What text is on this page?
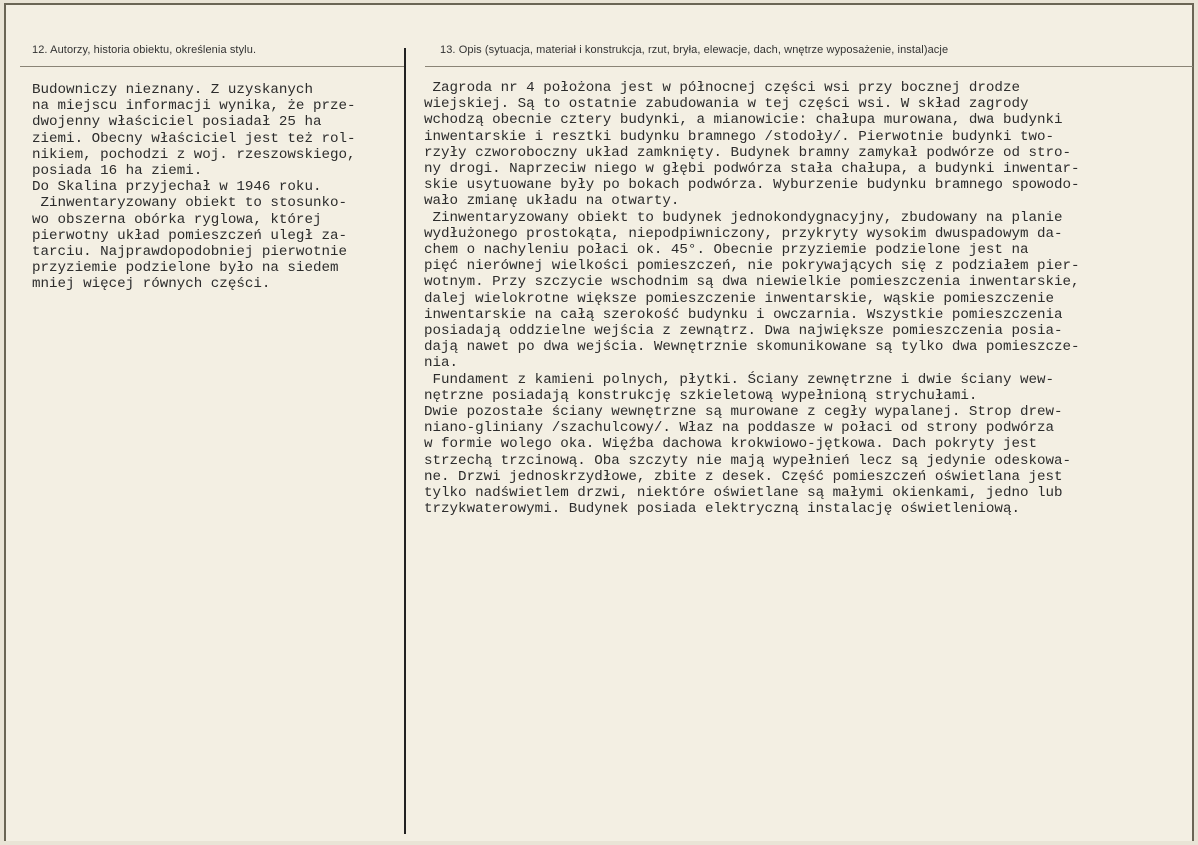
12. Autorzy, historia obiektu, określenia stylu.	13. Opis (sytuacja, materiał i konstrukcja, rzut, bryła, elewacje, dach, wnętrze wyposażenie, instal)acje
Budowniczy nieznany. Z uzyskanych
na miejscu informacji wynika, że prze-
dwojenny właściciel posiadał 25 ha
ziemi. Obecny właściciel jest też rol-
nikiem, pochodzi z woj. rzeszowskiego,
posiada 16 ha ziemi.
Do Skalina przyjechał w 1946 roku.
Zinwentaryzowany obiekt to stosunko-
wo obszerna obórka ryglowa, której
pierwotny układ pomieszczeń uległ za-
tarciu. Najprawdopodobniej pierwotnie
przyziemie podzielone było na siedem
mniej więcej równych części.
Zagroda nr 4 położona jest w północnej części wsi przy bocznej drodze
wiejskiej. Są to ostatnie zabudowania w tej części wsi. W skład zagrody
wchodzą obecnie cztery budynki, a mianowicie: chałupa murowana, dwa budynki
inwentarskie i resztki budynku bramnego /stodoły/. Pierwotnie budynki two-
rzyły czworoboczny układ zamknięty. Budynek bramny zamykał podwórze od stro-
ny drogi. Naprzeciw niego w głębi podwórza stała chałupa, a budynki inwentar-
skie usytuowane były po bokach podwórza. Wyburzenie budynku bramnego spowodo-
wało zmianę układu na otwarty.
Zinwentaryzowany obiekt to budynek jednokondygnacyjny, zbudowany na planie
wydłużonego prostokąta, niepodpiwniczony, przykryty wysokim dwuspadowym da-
chem o nachyleniu połaci ok. 45°. Obecnie przyziemie podzielone jest na
pięć nierównej wielkości pomieszczeń, nie pokrywających się z podziałem pier-
wotnym. Przy szczycie wschodnim są dwa niewielkie pomieszczenia inwentarskie,
dalej wielokrotne większe pomieszczenie inwentarskie, wąskie pomieszczenie
inwentarskie na całą szerokość budynku i owczarnia. Wszystkie pomieszczenia
posiadają oddzielne wejścia z zewnątrz. Dwa największe pomieszczenia posia-
dają nawet po dwa wejścia. Wewnętrznie skomunikowane są tylko dwa pomieszcze-
nia.
Fundament z kamieni polnych, płytki. Ściany zewnętrzne i dwie ściany wew-
nętrzne posiadają konstrukcję szkieletową wypełnioną strychułami.
Dwie pozostałe ściany wewnętrzne są murowane z cegły wypalanej. Strop drew-
niano-gliniany /szachulcowy/. Właz na poddasze w połaci od strony podwórza
w formie wolego oka. Więźba dachowa krokwiowo-jętkowa. Dach pokryty jest
strzechą trzcinową. Oba szczyty nie mają wypełnień lecz są jedynie odeskowa-
ne. Drzwi jednoskrzydłowe, zbite z desek. Część pomieszczeń oświetlana jest
tylko nadświetlem drzwi, niektóre oświetlane są małymi okienkami, jedno lub
trzykwaterowymi. Budynek posiada elektryczną instalację oświetleniową.
